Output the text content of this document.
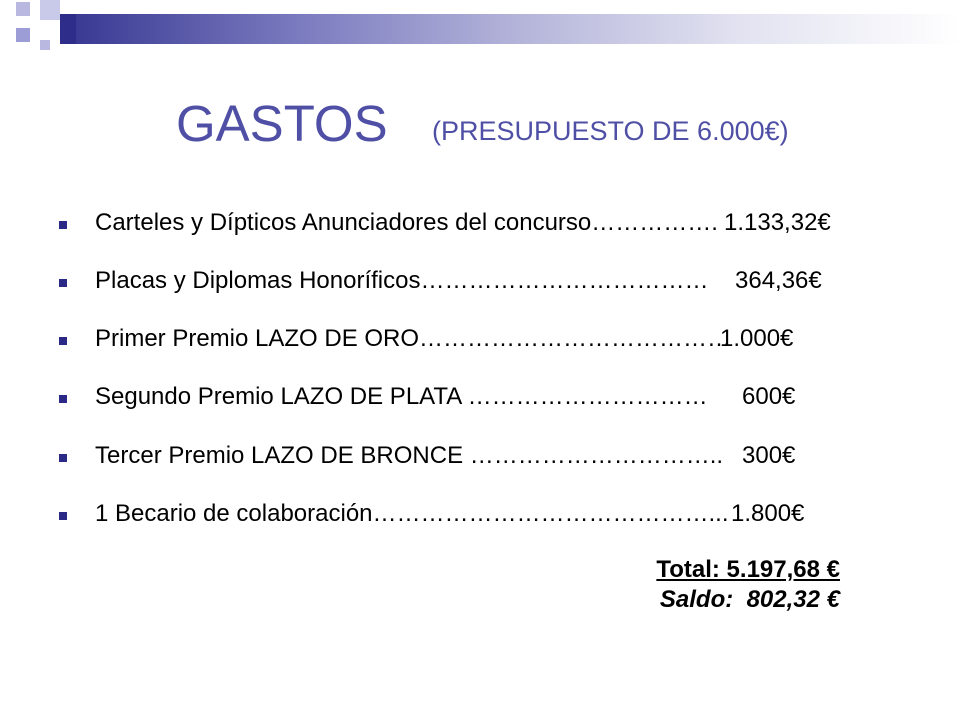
GASTOS (PRESUPUESTO DE 6.000€)
Carteles y Dípticos Anunciadores del concurso……………. 1.133,32€
Placas y Diplomas Honoríficos……………………………… 364,36€
Primer Premio LAZO DE ORO…………………………………
1.000€
Segundo Premio LAZO DE PLATA ………………………… 600€
Tercer Premio LAZO DE BRONCE ………………………….. 300€
1 Becario de colaboración……………………………………... 1.800€
Total: 5.197,68 €
Saldo:  802,32 €
